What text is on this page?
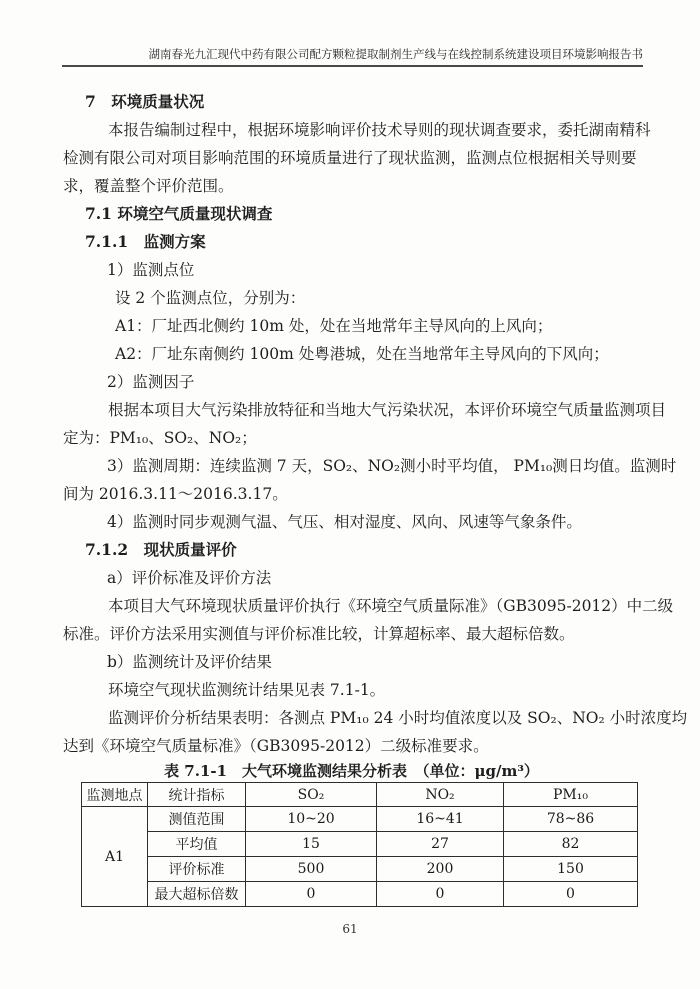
湖南春光九汇现代中药有限公司配方颗粒提取制剂生产线与在线控制系统建设项目环境影响报告书
7　环境质量状况
本报告编制过程中，根据环境影响评价技术导则的现状调查要求，委托湖南精科
检测有限公司对项目影响范围的环境质量进行了现状监测，监测点位根据相关导则要
求，覆盖整个评价范围。
7.1 环境空气质量现状调查
7.1.1　监测方案
1）监测点位
设 2 个监测点位，分别为：
A1：厂址西北侧约 10m 处，处在当地常年主导风向的上风向；
A2：厂址东南侧约 100m 处粤港城，处在当地常年主导风向的下风向；
2）监测因子
根据本项目大气污染排放特征和当地大气污染状况，本评价环境空气质量监测项目
定为：PM₁₀、SO₂、NO₂；
3）监测周期：连续监测 7 天，SO₂、NO₂测小时平均值， PM₁₀测日均值。监测时
间为 2016.3.11～2016.3.17。
4）监测时同步观测气温、气压、相对湿度、风向、风速等气象条件。
7.1.2　现状质量评价
a）评价标准及评价方法
本项目大气环境现状质量评价执行《环境空气质量际准》（GB3095-2012）中二级
标准。评价方法采用实测值与评价标准比较，计算超标率、最大超标倍数。
b）监测统计及评价结果
环境空气现状监测统计结果见表 7.1-1。
监测评价分析结果表明：各测点 PM₁₀ 24 小时均值浓度以及 SO₂、NO₂ 小时浓度均
达到《环境空气质量标准》（GB3095-2012）二级标准要求。
表 7.1-1　大气环境监测结果分析表　（单位：μg/m³）
监测地点	统计指标	SO₂	NO₂	PM₁₀
A1	测值范围	10~20	16~41	78~86
	平均值	15	27	82
	评价标准	500	200	150
	最大超标倍数	0	0	0
61
